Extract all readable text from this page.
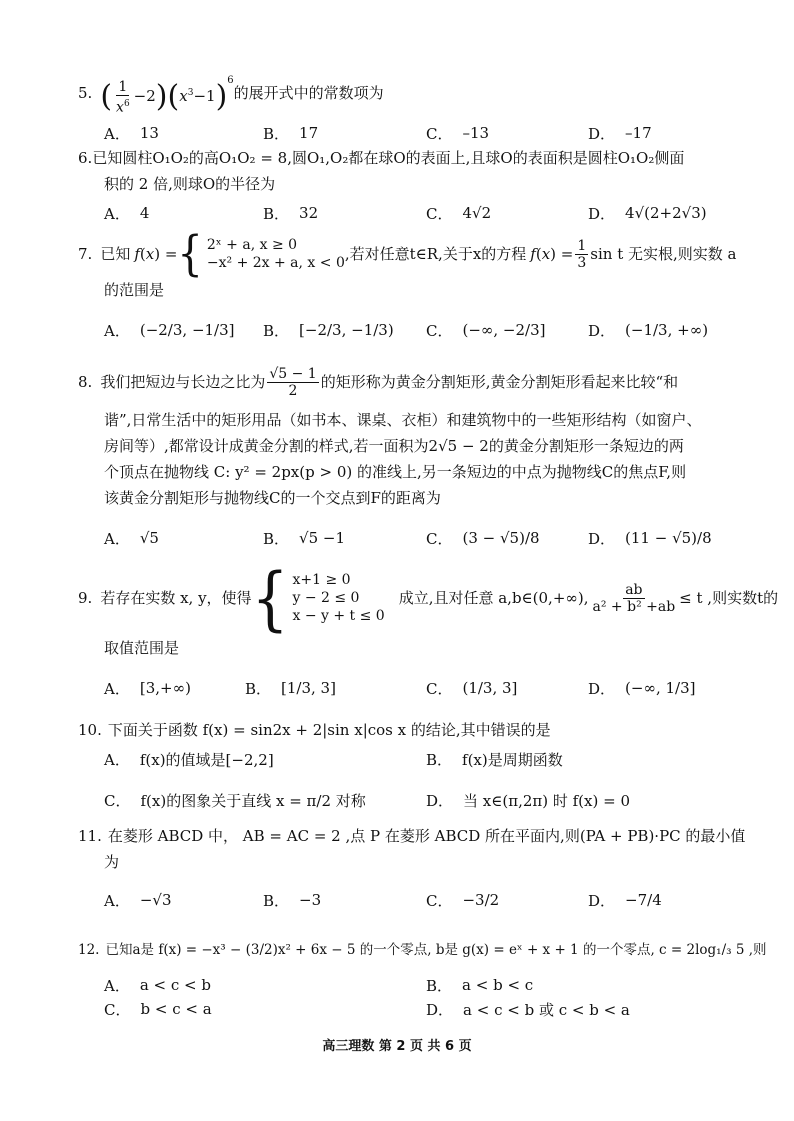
5. ( $\frac{1}{x^6} -2)(x^3-1)^6$
的展开式中的常数项为
A． 13	B． 17	C． –13	D． –17
6.已知圆柱O₁O₂的高O₁O₂ = 8,圆O₁,O₂都在球O的表面上,且球O的表面积是圆柱O₁O₂侧面
积的 2 倍,则球O的半径为
A． 4	B． 32	C． 4√2	D． 4√(2+2√3)
7. 已知 f(x) = { 2ˣ + a, x ≥ 0
−x² + 2x + a, x < 0 ,若对任意t∈R,关于x的方程 $f(x) = \frac{1}{3}$ sin t 无实根,则实数 a
的范围是
A． (−2/3, −1/3] B． [−2/3, −1/3) C． (−∞, −2/3]	D． (−1/3, +∞)
8. 我们把短边与长边之比为 $\frac{√5 - 1}{2}$ 的矩形称为黄金分割矩形,黄金分割矩形看起来比较“和
谐”,日常生活中的矩形用品（如书本、课桌、衣柜）和建筑物中的一些矩形结构（如窗户、
房间等）,都常设计成黄金分割的样式,若一面积为2√5 − 2的黄金分割矩形一条短边的两
个顶点在抛物线 C: y² = 2px(p > 0) 的准线上,另一条短边的中点为抛物线C的焦点F,则
该黄金分割矩形与抛物线C的一个交点到F的距离为
A． √5	B． √5 −1	C． (3 − √5)/8	D． (11 − √5)/8
9. 若存在实数 x, y，使得 { x+1 ≥ 0
y − 2 ≤ 0
x − y + t ≤ 0
成立,且对任意 a,b∈(0,+∞), $\frac{ab}{\text{a² + b² +ab}} \le t$ ,则实数t的
取值范围是
A． [3,+∞)	B． [1/3, 3]	C． (1/3, 3]	D． (−∞, 1/3]
10. 下面关于函数 f(x) = sin2x + 2|sin x|cos x 的结论,其中错误的是
A． f(x)的值域是[−2,2]	B． f(x)是周期函数
C． f(x)的图象关于直线 x = π/2 对称	D． 当 x∈(π,2π) 时 f(x) = 0
11. 在菱形 ABCD 中， AB = AC = 2 ,点 P 在菱形 ABCD 所在平面内,则(PA + PB)·PC 的最小值
为
A． −√3	B． −3	C． −3/2	D． −7/4
12. 已知a是 f(x) = −x³ − (3/2)x² + 6x − 5 的一个零点, b是 g(x) = eˣ + x + 1 的一个零点, c = 2log₁/₃ 5 ,则
A． a < c < b	B． a < b < c
C． b < c < a	D． a < c < b 或 c < b < a
高三理数 第 2 页 共 6 页
